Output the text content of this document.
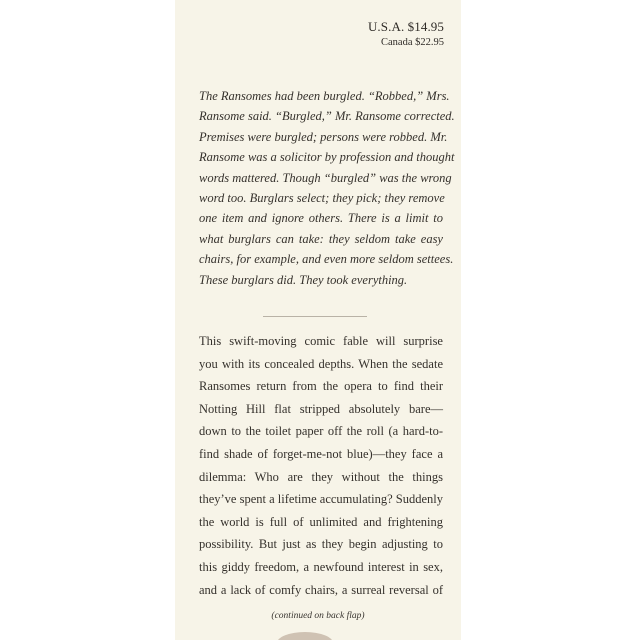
U.S.A. $14.95
Canada $22.95

The Ransomes had been burgled. “Robbed,” Mrs.
Ransome said. “Burgled,” Mr. Ransome corrected.
Premises were burgled; persons were robbed. Mr.
Ransome was a solicitor by profession and thought
words mattered. Though “burgled” was the wrong
word too. Burglars select; they pick; they remove
one item and ignore others. There is a limit to
what burglars can take: they seldom take easy
chairs, for example, and even more seldom settees.
These burglars did. They took everything.

This swift-moving comic fable will surprise
you with its concealed depths. When the sedate
Ransomes return from the opera to find their
Notting Hill flat stripped absolutely bare—
down to the toilet paper off the roll (a hard-to-
find shade of forget-me-not blue)—they face a
dilemma: Who are they without the things
they’ve spent a lifetime accumulating? Suddenly
the world is full of unlimited and frightening
possibility. But just as they begin adjusting to
this giddy freedom, a newfound interest in sex,
and a lack of comfy chairs, a surreal reversal of

(continued on back flap)
